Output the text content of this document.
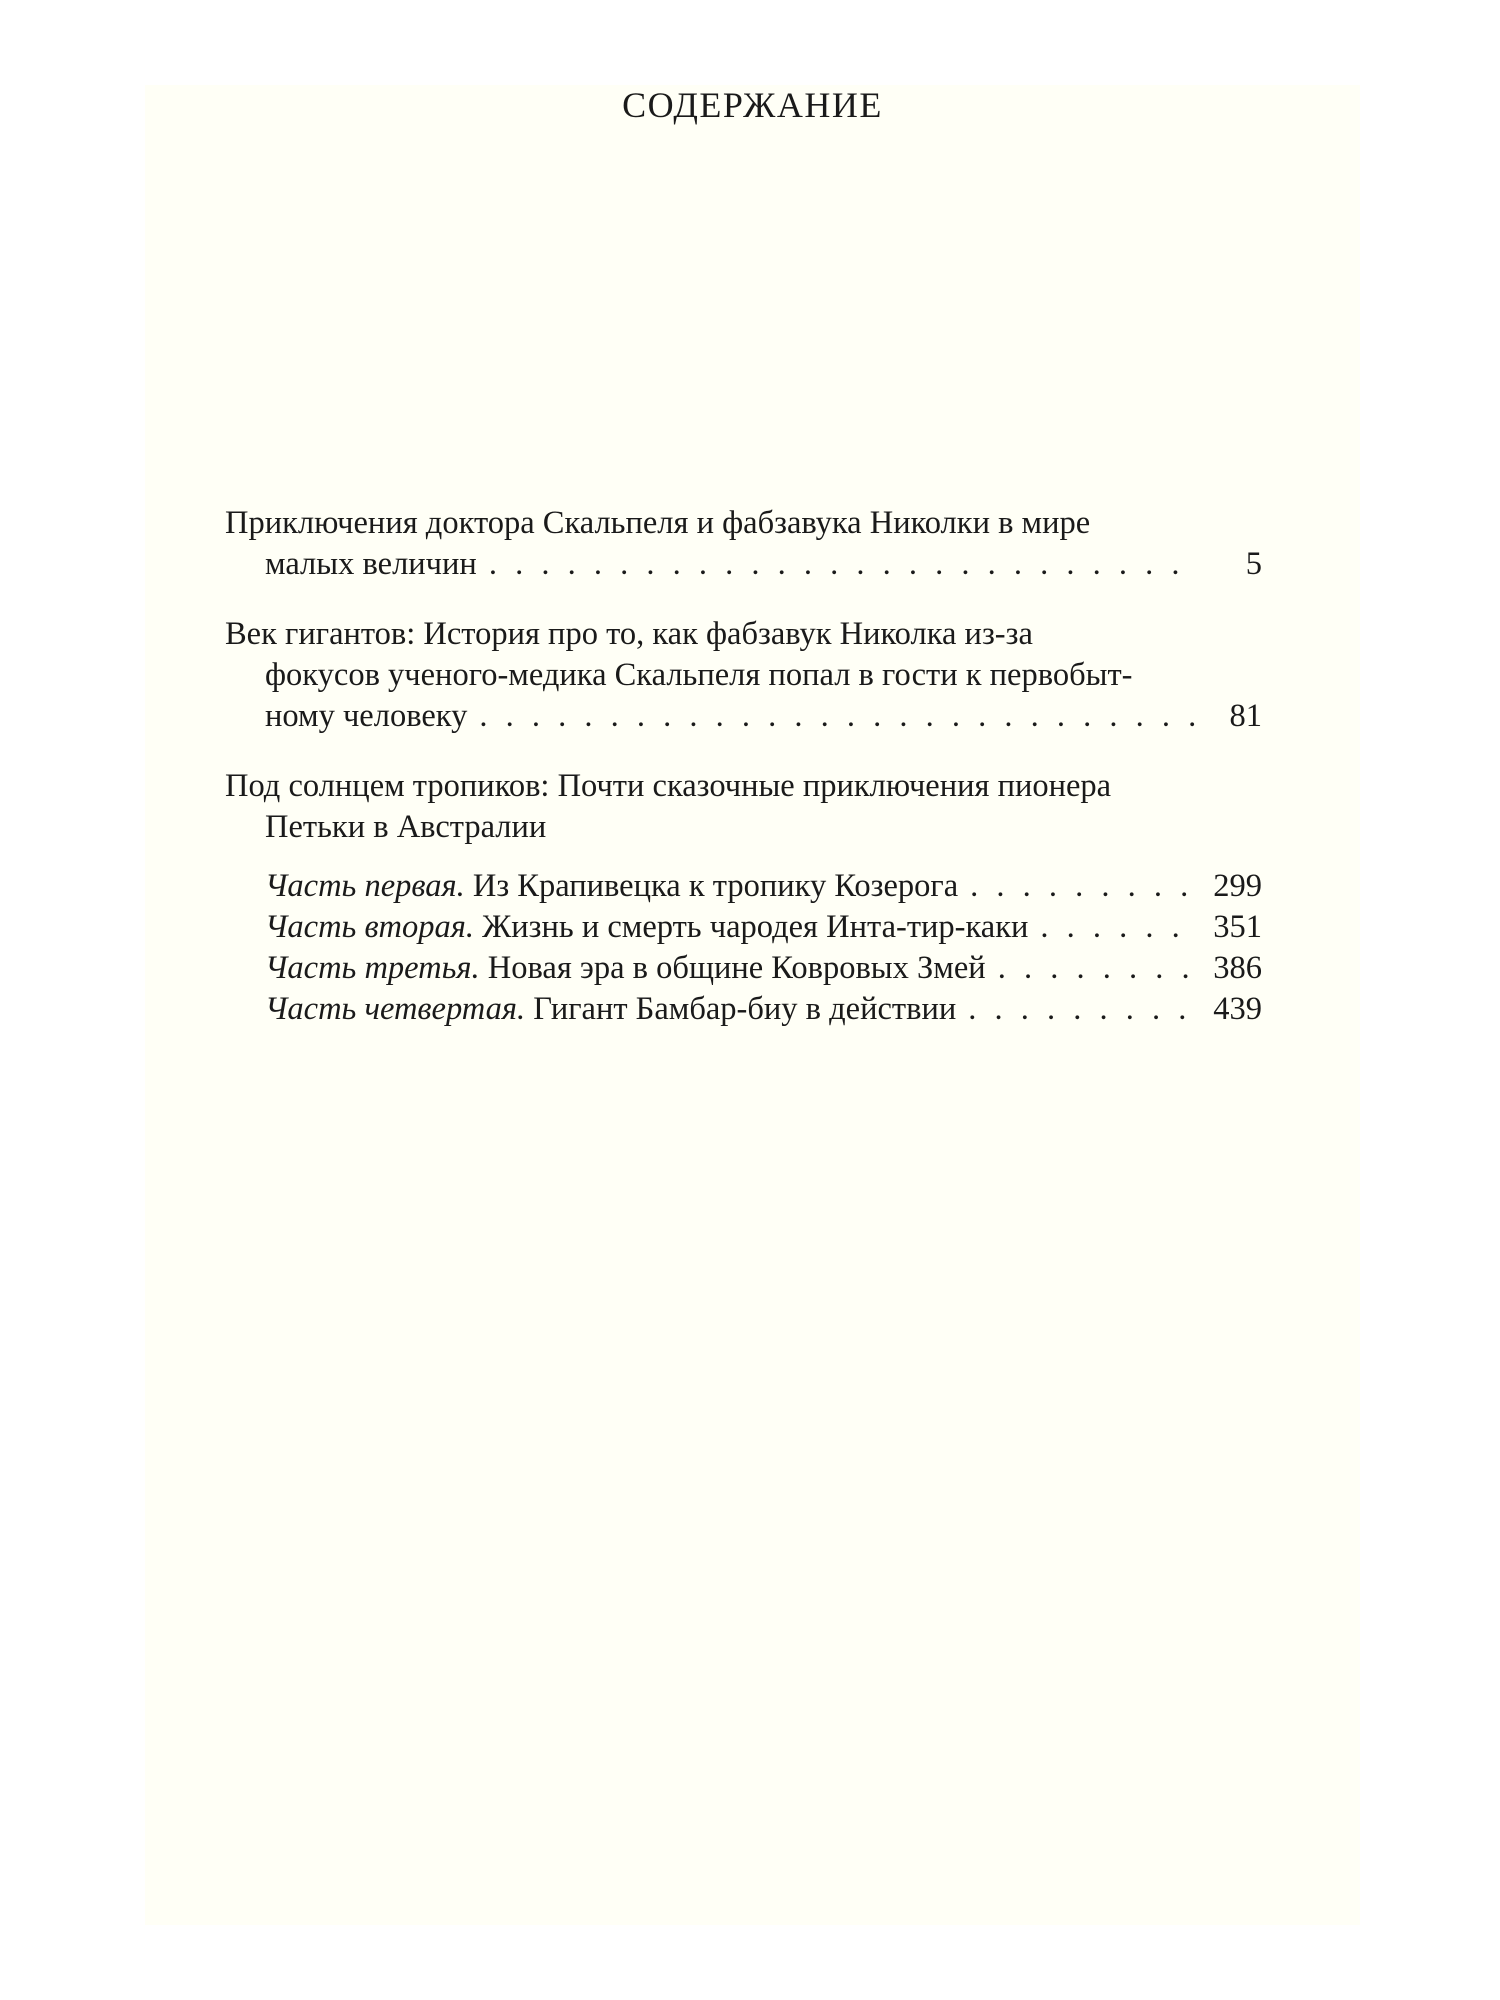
СОДЕРЖАНИЕ
Приключения доктора Скальпеля и фабзавука Николки в мире
малых величин . . .	5
Век гигантов: История про то, как фабзавук Николка из-за
фокусов ученого-медика Скальпеля попал в гости к первобыт-
ному человеку . . .	81
Под солнцем тропиков: Почти сказочные приключения пионера
Петьки в Австралии
Часть первая. Из Крапивецка к тропику Козерога . . .	299
Часть вторая. Жизнь и смерть чародея Инта-тир-каки . . .	351
Часть третья. Новая эра в общине Ковровых Змей . . .	386
Часть четвертая. Гигант Бамбар-биу в действии . . .	439
